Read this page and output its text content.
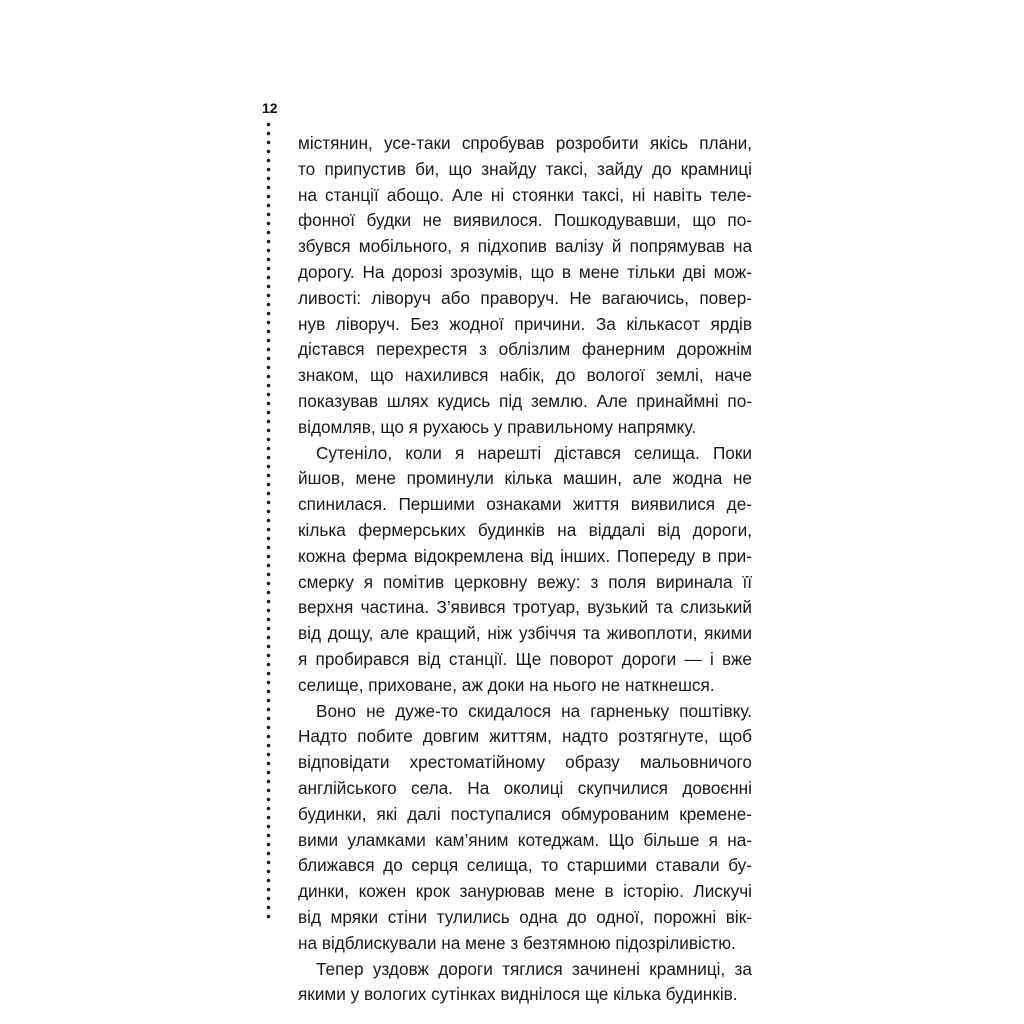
12
містянин, усе-таки спробував розробити якісь плани,
то припустив би, що знайду таксі, зайду до крамниці
на станції абощо. Але ні стоянки таксі, ні навіть теле-
фонної будки не виявилося. Пошкодувавши, що по-
збувся мобільного, я підхопив валізу й попрямував на
дорогу. На дорозі зрозумів, що в мене тільки дві мож-
ливості: ліворуч або праворуч. Не вагаючись, повер-
нув ліворуч. Без жодної причини. За кількасот ярдів
дістався перехрестя з облізлим фанерним дорожнім
знаком, що нахилився набік, до вологої землі, наче
показував шлях кудись під землю. Але принаймні по-
відомляв, що я рухаюсь у правильному напрямку.
Сутеніло, коли я нарешті дістався селища. Поки
йшов, мене проминули кілька машин, але жодна не
спинилася. Першими ознаками життя виявилися де-
кілька фермерських будинків на віддалі від дороги,
кожна ферма відокремлена від інших. Попереду в при-
смерку я помітив церковну вежу: з поля виринала її
верхня частина. З’явився тротуар, вузький та слизький
від дощу, але кращий, ніж узбіччя та живоплоти, якими
я пробирався від станції. Ще поворот дороги — і вже
селище, приховане, аж доки на нього не наткнешся.
Воно не дуже-то скидалося на гарненьку поштівку.
Надто побите довгим життям, надто розтягнуте, щоб
відповідати хрестоматійному образу мальовничого
англійського села. На околиці скупчилися довоєнні
будинки, які далі поступалися обмурованим кремене-
вими уламками кам’яним котеджам. Що більше я на-
ближався до серця селища, то старшими ставали бу-
динки, кожен крок занурював мене в історію. Лискучі
від мряки стіни тулились одна до одної, порожні вік-
на відблискували на мене з безтямною підозріливістю.
Тепер уздовж дороги тяглися зачинені крамниці, за
якими у вологих сутінках виднілося ще кілька будинків.
